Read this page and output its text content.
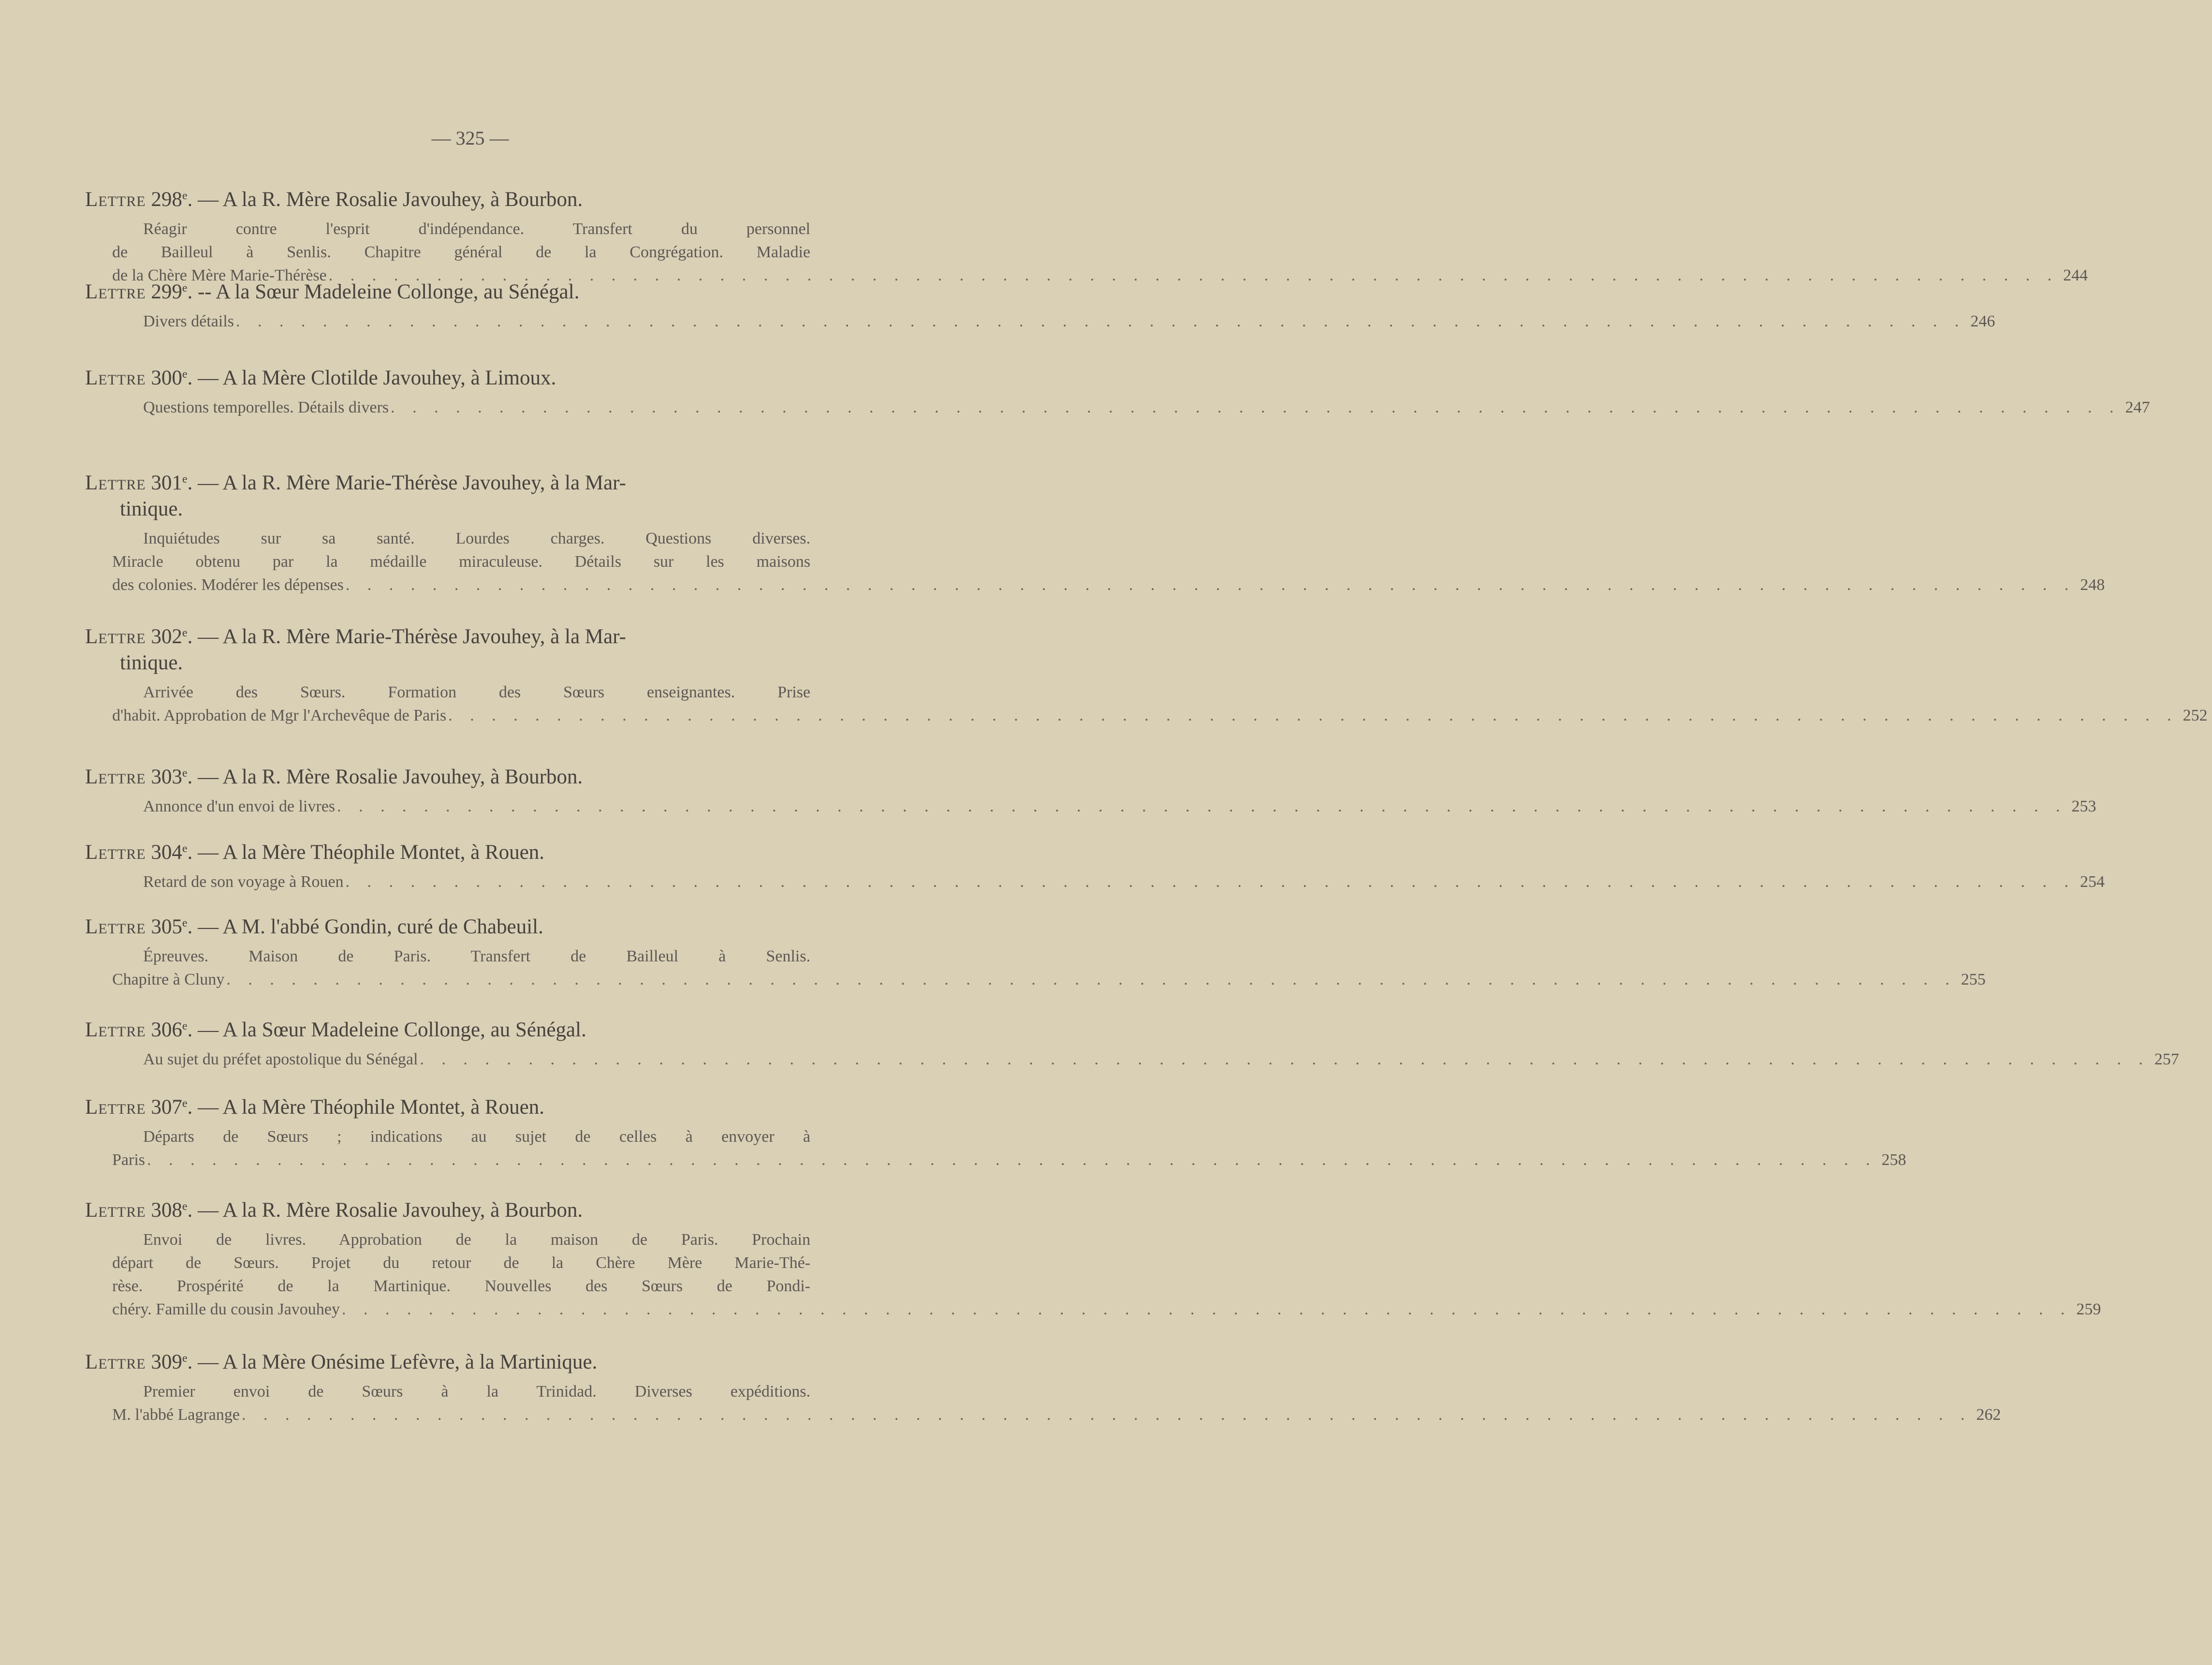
— 325 —
Lettre 298e. — A la R. Mère Rosalie Javouhey, à Bourbon.
Réagir contre l'esprit d'indépendance. Transfert du personnel
de Bailleul à Senlis. Chapitre général de la Congrégation. Maladie
de la Chère Mère Marie-Thérèse . . . . . . . . . . . . . . . . . . . . . . . . . . . . . . . . . . . . . . . . . . . . . . . . . . . . . . . . . . . . . . . . . . . . . . . . . . . . . . . . 244
Lettre 299e. -- A la Sœur Madeleine Collonge, au Sénégal.
Divers détails . . . . . . . . . . . . . . . . . . . . . . . . . . . . . . . . . . . . . . . . . . . . . . . . . . . . . . . . . . . . . . . . . . . . . . . . . . . . . . . . 246
Lettre 300e. — A la Mère Clotilde Javouhey, à Limoux.
Questions temporelles. Détails divers . . . . . . . . . . . . . . . . . . . . . . . . . . . . . . . . . . . . . . . . . . . . . . . . . . . . . . . . . . . . . . . . . . . . . . . . . . . . . . . . 247
Lettre 301e. — A la R. Mère Marie-Thérèse Javouhey, à la Mar-
tinique.
Inquiétudes sur sa santé. Lourdes charges. Questions diverses.
Miracle obtenu par la médaille miraculeuse. Détails sur les maisons
des colonies. Modérer les dépenses . . . . . . . . . . . . . . . . . . . . . . . . . . . . . . . . . . . . . . . . . . . . . . . . . . . . . . . . . . . . . . . . . . . . . . . . . . . . . . . . 248
Lettre 302e. — A la R. Mère Marie-Thérèse Javouhey, à la Mar-
tinique.
Arrivée des Sœurs. Formation des Sœurs enseignantes. Prise
d'habit. Approbation de Mgr l'Archevêque de Paris . . . . . . . . . . . . . . . . . . . . . . . . . . . . . . . . . . . . . . . . . . . . . . . . . . . . . . . . . . . . . . . . . . . . . . . . . . . . . . . . 252
Lettre 303e. — A la R. Mère Rosalie Javouhey, à Bourbon.
Annonce d'un envoi de livres . . . . . . . . . . . . . . . . . . . . . . . . . . . . . . . . . . . . . . . . . . . . . . . . . . . . . . . . . . . . . . . . . . . . . . . . . . . . . . . . 253
Lettre 304e. — A la Mère Théophile Montet, à Rouen.
Retard de son voyage à Rouen . . . . . . . . . . . . . . . . . . . . . . . . . . . . . . . . . . . . . . . . . . . . . . . . . . . . . . . . . . . . . . . . . . . . . . . . . . . . . . . . 254
Lettre 305e. — A M. l'abbé Gondin, curé de Chabeuil.
Épreuves. Maison de Paris. Transfert de Bailleul à Senlis.
Chapitre à Cluny . . . . . . . . . . . . . . . . . . . . . . . . . . . . . . . . . . . . . . . . . . . . . . . . . . . . . . . . . . . . . . . . . . . . . . . . . . . . . . . . 255
Lettre 306e. — A la Sœur Madeleine Collonge, au Sénégal.
Au sujet du préfet apostolique du Sénégal . . . . . . . . . . . . . . . . . . . . . . . . . . . . . . . . . . . . . . . . . . . . . . . . . . . . . . . . . . . . . . . . . . . . . . . . . . . . . . . . 257
Lettre 307e. — A la Mère Théophile Montet, à Rouen.
Départs de Sœurs ; indications au sujet de celles à envoyer à
Paris . . . . . . . . . . . . . . . . . . . . . . . . . . . . . . . . . . . . . . . . . . . . . . . . . . . . . . . . . . . . . . . . . . . . . . . . . . . . . . . . 258
Lettre 308e. — A la R. Mère Rosalie Javouhey, à Bourbon.
Envoi de livres. Approbation de la maison de Paris. Prochain
départ de Sœurs. Projet du retour de la Chère Mère Marie-Thé-
rèse. Prospérité de la Martinique. Nouvelles des Sœurs de Pondi-
chéry. Famille du cousin Javouhey . . . . . . . . . . . . . . . . . . . . . . . . . . . . . . . . . . . . . . . . . . . . . . . . . . . . . . . . . . . . . . . . . . . . . . . . . . . . . . . . 259
Lettre 309e. — A la Mère Onésime Lefèvre, à la Martinique.
Premier envoi de Sœurs à la Trinidad. Diverses expéditions.
M. l'abbé Lagrange . . . . . . . . . . . . . . . . . . . . . . . . . . . . . . . . . . . . . . . . . . . . . . . . . . . . . . . . . . . . . . . . . . . . . . . . . . . . . . . . 262
